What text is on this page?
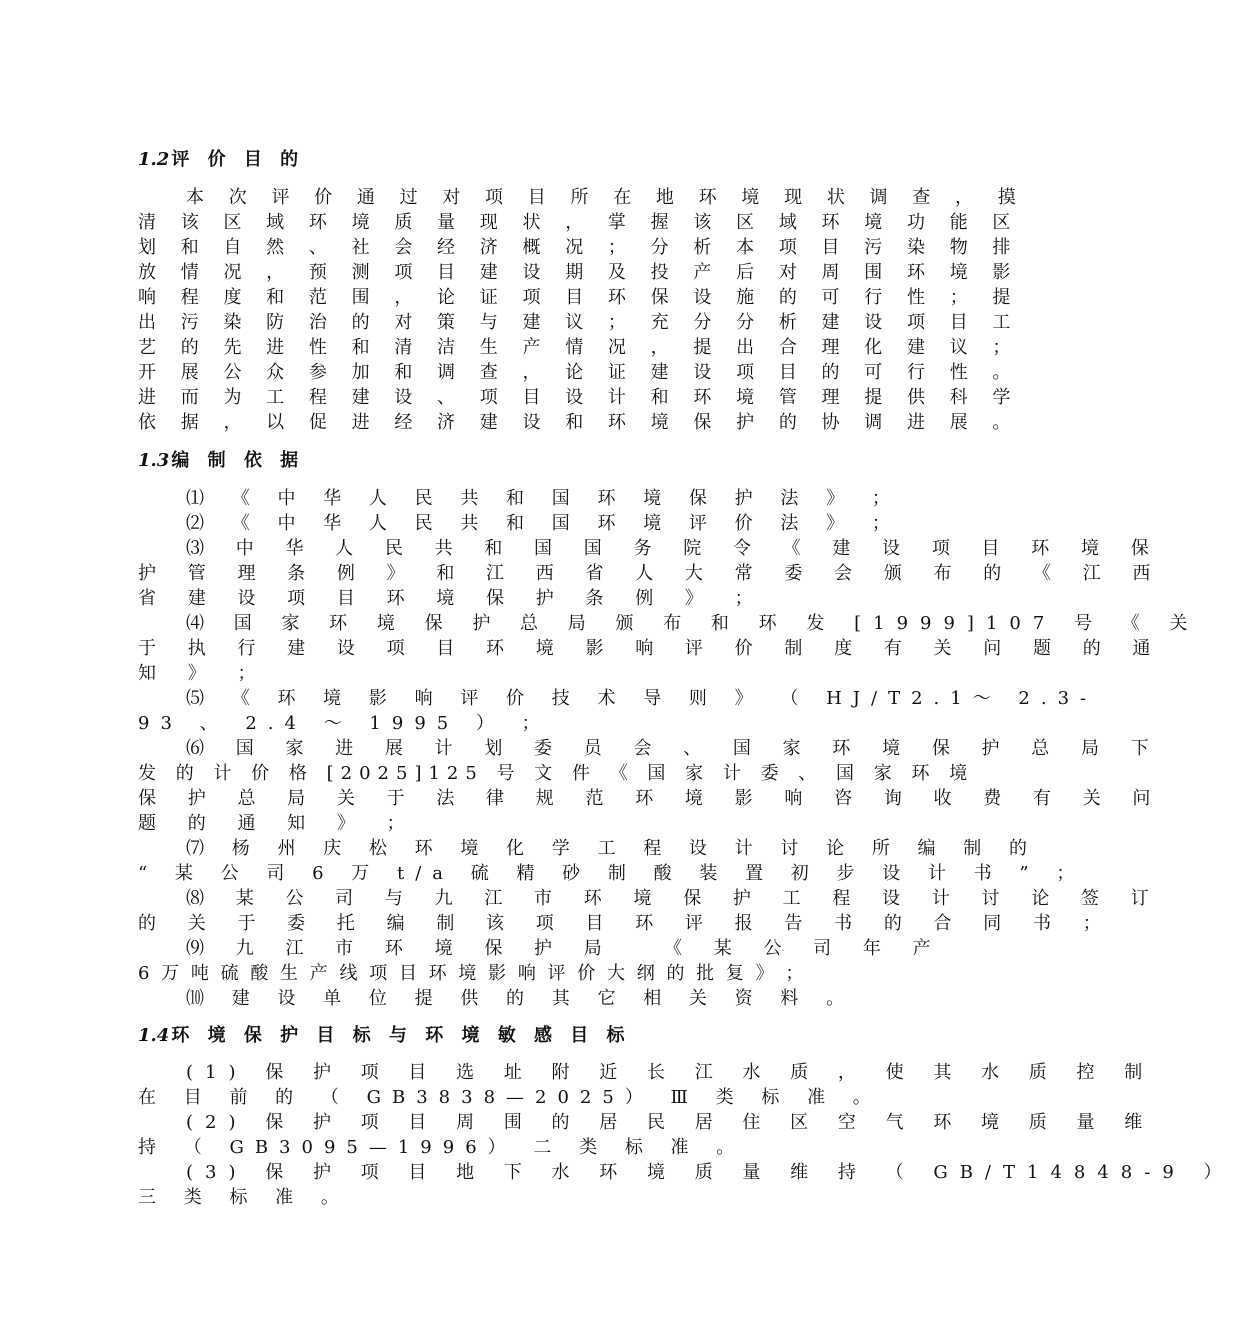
1.2 评 价 目 的
本 次 评 价 通 过 对 项 目 所 在 地 环 境 现 状 调 查 ， 摸
清 该 区 域 环 境 质 量 现 状 ， 掌 握 该 区 域 环 境 功 能 区
划 和 自 然 、 社 会 经 济 概 况 ； 分 析 本 项 目 污 染 物 排
放 情 况 ， 预 测 项 目 建 设 期 及 投 产 后 对 周 围 环 境 影
响 程 度 和 范 围 ， 论 证 项 目 环 保 设 施 的 可 行 性 ； 提
出 污 染 防 治 的 对 策 与 建 议 ； 充 分 分 析 建 设 项 目 工
艺 的 先 进 性 和 清 洁 生 产 情 况 ， 提 出 合 理 化 建 议 ；
开 展 公 众 参 加 和 调 查 ， 论 证 建 设 项 目 的 可 行 性 。
进 而 为 工 程 建 设 、 项 目 设 计 和 环 境 管 理 提 供 科 学
依 据 ， 以 促 进 经 济 建 设 和 环 境 保 护 的 协 调 进 展 。
1.3 编 制 依 据
⑴ 《 中 华 人 民 共 和 国 环 境 保 护 法 》 ；
⑵ 《 中 华 人 民 共 和 国 环 境 评 价 法 》 ；
⑶ 中 华 人 民 共 和 国 国 务 院 令 《 建 设 项 目 环 境 保
护 管 理 条 例 》 和 江 西 省 人 大 常 委 会 颁 布 的 《 江 西
省 建 设 项 目 环 境 保 护 条 例 》 ；
⑷ 国 家 环 境 保 护 总 局 颁 布 和 环 发 [1999]107 号 《 关
于 执 行 建 设 项 目 环 境 影 响 评 价 制 度 有 关 问 题 的 通
知 》 ；
⑸ 《 环 境 影 响 评 价 技 术 导 则 》 （ HJ/T2.1～ 2.3-
93 、 2.4 ～ 1995 ） ；
⑹ 国 家 进 展 计 划 委 员 会 、 国 家 环 境 保 护 总 局 下
发 的 计 价 格 [2025]125 号 文 件 《 国 家 计 委 、 国 家 环 境
保 护 总 局 关 于 法 律 规 范 环 境 影 响 咨 询 收 费 有 关 问
题 的 通 知 》 ；
⑺ 杨 州 庆 松 环 境 化 学 工 程 设 计 讨 论 所 编 制 的
“ 某 公 司 6 万 t/a 硫 精 砂 制 酸 装 置 初 步 设 计 书 ” ；
⑻ 某 公 司 与 九 江 市 环 境 保 护 工 程 设 计 讨 论 签 订
的 关 于 委 托 编 制 该 项 目 环 评 报 告 书 的 合 同 书 ；
⑼ 九 江 市 环 境 保 护 局	《 某 公 司 年 产
6 万 吨 硫 酸 生 产 线 项 目 环 境 影 响 评 价 大 纲 的 批 复 》 ；
⑽ 建 设 单 位 提 供 的 其 它 相 关 资 料 。
1.4 环 境 保 护 目 标 与 环 境 敏 感 目 标
(1) 保 护 项 目 选 址 附 近 长 江 水 质 ， 使 其 水 质 控 制
在 目 前 的 （ GB3838—2025） Ⅲ 类 标 准 。
(2) 保 护 项 目 周 围 的 居 民 居 住 区 空 气 环 境 质 量 维
持 （ GB3095—1996） 二 类 标 准 。
(3) 保 护 项 目 地 下 水 环 境 质 量 维 持 （ GB/T14848-9 ）
三 类 标 准 。
